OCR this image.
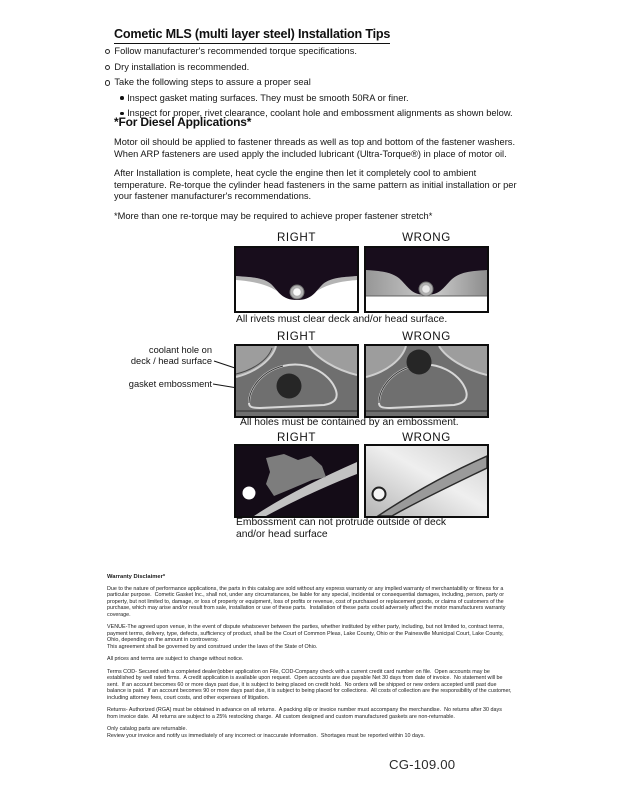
Cometic MLS (multi layer steel) Installation Tips
Follow manufacturer's recommended torque specifications.
Dry installation is recommended.
Take the following steps to assure a proper seal
Inspect gasket mating surfaces. They must be smooth 50RA or finer.
Inspect for proper, rivet clearance, coolant hole and embossment alignments as shown below.
*For Diesel Applications*

Motor oil should be applied to fastener threads as well as top and bottom of the fastener washers. When ARP fasteners are used apply the included lubricant (Ultra-Torque®) in place of motor oil.

After Installation is complete, heat cycle the engine then let it completely cool to ambient temperature. Re-torque the cylinder head fasteners in the same pattern as initial installation or per your fastener manufacturer's recommendations.

*More than one re-torque may be required to achieve proper fastener stretch*

RIGHT	WRONG
All rivets must clear deck and/or head surface.
RIGHT	WRONG
coolant hole on
deck / head surface
gasket embossment
All holes must be contained by an embossment.
RIGHT	WRONG
Embossment can not protrude outside of deck
and/or head surface
Warranty Disclaimer*

Due to the nature of performance applications, the parts in this catalog are sold without any express warranty or any implied warranty of merchantability or fitness for a particular purpose.  Cometic Gasket Inc., shall not, under any circumstances, be liable for any special, incidental or consequential damages, including, person, party or property, but not limited to, damage, or loss of property or equipment, loss of profits or revenue, cost of purchased or replacement goods, or claims of customers of the purchase, which may arise and/or result from sale, installation or use of these parts.  Installation of these parts could adversely affect the motor manufacturers warranty coverage.

VENUE-The agreed upon venue, in the event of dispute whatsoever between the parties, whether instituted by either party, including, but not limited to, contract terms, payment terms, delivery, type, defects, sufficiency of product, shall be the Court of Common Pleas, Lake County, Ohio or the Painesville Municipal Court, Lake County, Ohio, depending on the amount in controversy.

This agreement shall be governed by and construed under the laws of the State of Ohio.

All prices and terms are subject to change without notice.

Terms COD- Secured with a completed dealer/jobber application on File, COD-Company check with a current credit card number on file.  Open accounts may be established by well rated firms.  A credit application is available upon request.  Open accounts are due payable Net 30 days from date of invoice.  No statement will be sent.  If an account becomes 60 or more days past due, it is subject to being placed on credit hold.  No orders will be shipped or new orders accepted until past due balance is paid.  If an account becomes 90 or more days past due, it is subject to being placed for collections.  All costs of collection are the responsibility of the customer, including attorney fees, court costs, and other expenses of litigation.

Returns- Authorized (RGA) must be obtained in advance on all returns.  A packing slip or invoice number must accompany the merchandise.  No returns after 30 days from invoice date.  All returns are subject to a 25% restocking charge.  All custom designed and custom manufactured gaskets are non-returnable.

Only catalog parts are returnable.

Review your invoice and notify us immediately of any incorrect or inaccurate information.  Shortages must be reported within 10 days.

CG-109.00
